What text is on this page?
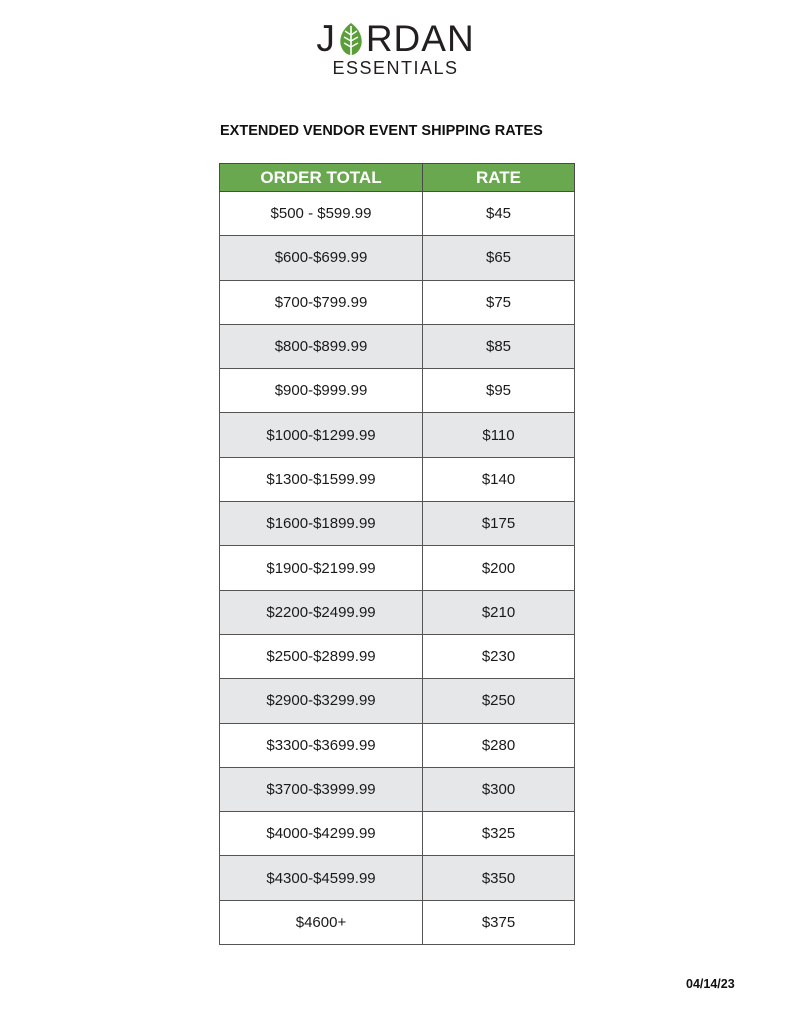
J RDAN
ESSENTIALS
EXTENDED VENDOR EVENT SHIPPING RATES
ORDER TOTAL	RATE
$500 - $599.99	$45
$600-$699.99	$65
$700-$799.99	$75
$800-$899.99	$85
$900-$999.99	$95
$1000-$1299.99	$110
$1300-$1599.99	$140
$1600-$1899.99	$175
$1900-$2199.99	$200
$2200-$2499.99	$210
$2500-$2899.99	$230
$2900-$3299.99	$250
$3300-$3699.99	$280
$3700-$3999.99	$300
$4000-$4299.99	$325
$4300-$4599.99	$350
$4600+	$375
04/14/23
